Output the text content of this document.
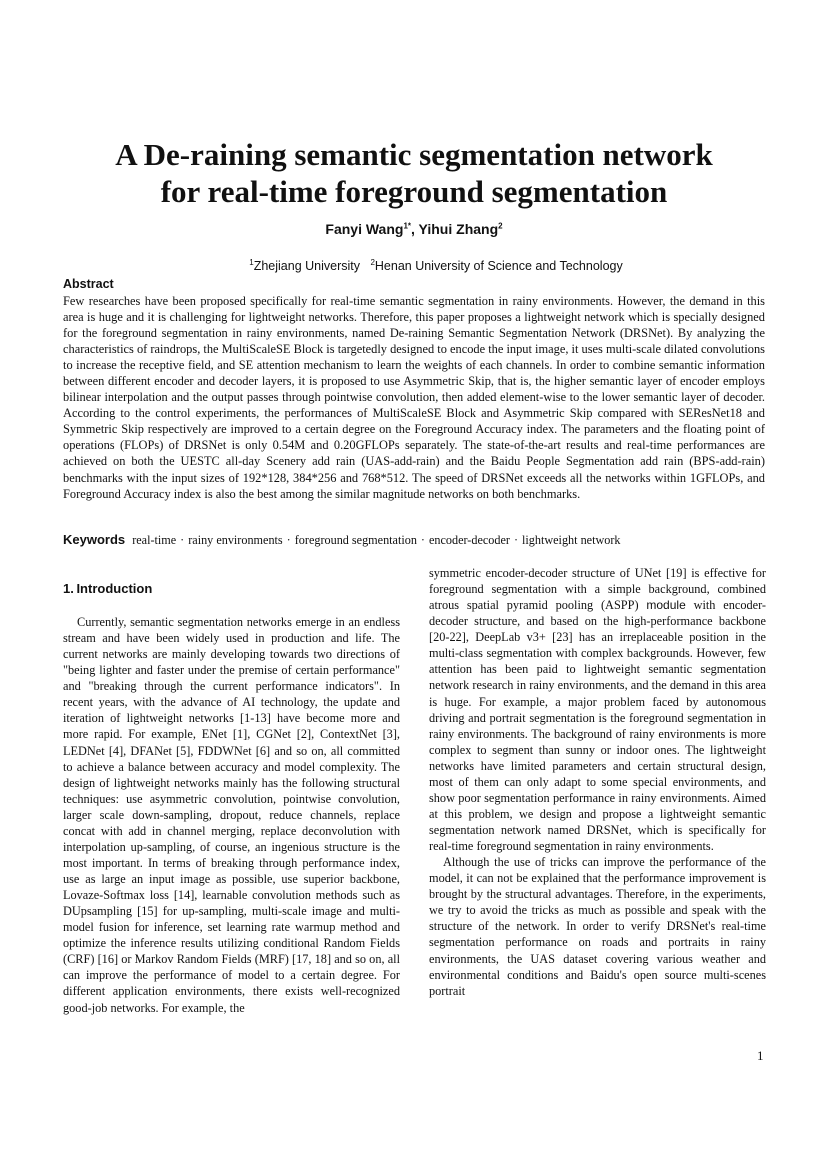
A De-raining semantic segmentation network
for real-time foreground segmentation
Fanyi Wang$^{1*}$, Yihui Zhang$^2$
$^1$Zhejiang University $^2$Henan University of Science and Technology
Abstract

Few researches have been proposed specifically for real-time semantic segmentation in rainy environments. However, the demand in this area is huge and it is challenging for lightweight networks. Therefore, this paper proposes a lightweight network which is specially designed for the foreground segmentation in rainy environments, named De-raining Semantic Segmentation Network (DRSNet). By analyzing the characteristics of raindrops, the MultiScaleSE Block is targetedly designed to encode the input image, it uses multi-scale dilated convolutions to increase the receptive field, and SE attention mechanism to learn the weights of each channels. In order to combine semantic information between different encoder and decoder layers, it is proposed to use Asymmetric Skip, that is, the higher semantic layer of encoder employs bilinear interpolation and the output passes through pointwise convolution, then added element-wise to the lower semantic layer of decoder. According to the control experiments, the performances of MultiScaleSE Block and Asymmetric Skip compared with SEResNet18 and Symmetric Skip respectively are improved to a certain degree on the Foreground Accuracy index. The parameters and the floating point of operations (FLOPs) of DRSNet is only 0.54M and 0.20GFLOPs separately. The state-of-the-art results and real-time performances are achieved on both the UESTC all-day Scenery add rain (UAS-add-rain) and the Baidu People Segmentation add rain (BPS-add-rain) benchmarks with the input sizes of 192*128, 384*256 and 768*512. The speed of DRSNet exceeds all the networks within 1GFLOPs, and Foreground Accuracy index is also the best among the similar magnitude networks on both benchmarks.

Keywords real-time · rainy environments · foreground segmentation · encoder-decoder · lightweight network
1. Introduction

Currently, semantic segmentation networks emerge in an endless stream and have been widely used in production and life. The current networks are mainly developing towards two directions of "being lighter and faster under the premise of certain performance" and "breaking through the current performance indicators". In recent years, with the advance of AI technology, the update and iteration of lightweight networks [1-13] have become more and more rapid. For example, ENet [1], CGNet [2], ContextNet [3], LEDNet [4], DFANet [5], FDDWNet [6] and so on, all committed to achieve a balance between accuracy and model complexity. The design of lightweight networks mainly has the following structural techniques: use asymmetric convolution, pointwise convolution, larger scale down-sampling, dropout, reduce channels, replace concat with add in channel merging, replace deconvolution with interpolation up-sampling, of course, an ingenious structure is the most important. In terms of breaking through performance index, use as large an input image as possible, use superior backbone, Lovaze-Softmax loss [14], learnable convolution methods such as DUpsampling [15] for up-sampling, multi-scale image and multi-model fusion for inference, set learning rate warmup method and optimize the inference results utilizing conditional Random Fields (CRF) [16] or Markov Random Fields (MRF) [17, 18] and so on, all can improve the performance of model to a certain degree. For different application environments, there exists well-recognized good-job networks. For example, the

symmetric encoder-decoder structure of UNet [19] is effective for foreground segmentation with a simple background, combined atrous spatial pyramid pooling (ASPP) module with encoder-decoder structure, and based on the high-performance backbone [20-22], DeepLab v3+ [23] has an irreplaceable position in the multi-class segmentation with complex backgrounds. However, few attention has been paid to lightweight semantic segmentation network research in rainy environments, and the demand in this area is huge. For example, a major problem faced by autonomous driving and portrait segmentation is the foreground segmentation in rainy environments. The background of rainy environments is more complex to segment than sunny or indoor ones. The lightweight networks have limited parameters and certain structural design, most of them can only adapt to some special environments, and show poor segmentation performance in rainy environments. Aimed at this problem, we design and propose a lightweight semantic segmentation network named DRSNet, which is specifically for real-time foreground segmentation in rainy environments.

Although the use of tricks can improve the performance of the model, it can not be explained that the performance improvement is brought by the structural advantages. Therefore, in the experiments, we try to avoid the tricks as much as possible and speak with the structure of the network. In order to verify DRSNet's real-time segmentation performance on roads and portraits in rainy environments, the UAS dataset covering various weather and environmental conditions and Baidu's open source multi-scenes portrait

1
